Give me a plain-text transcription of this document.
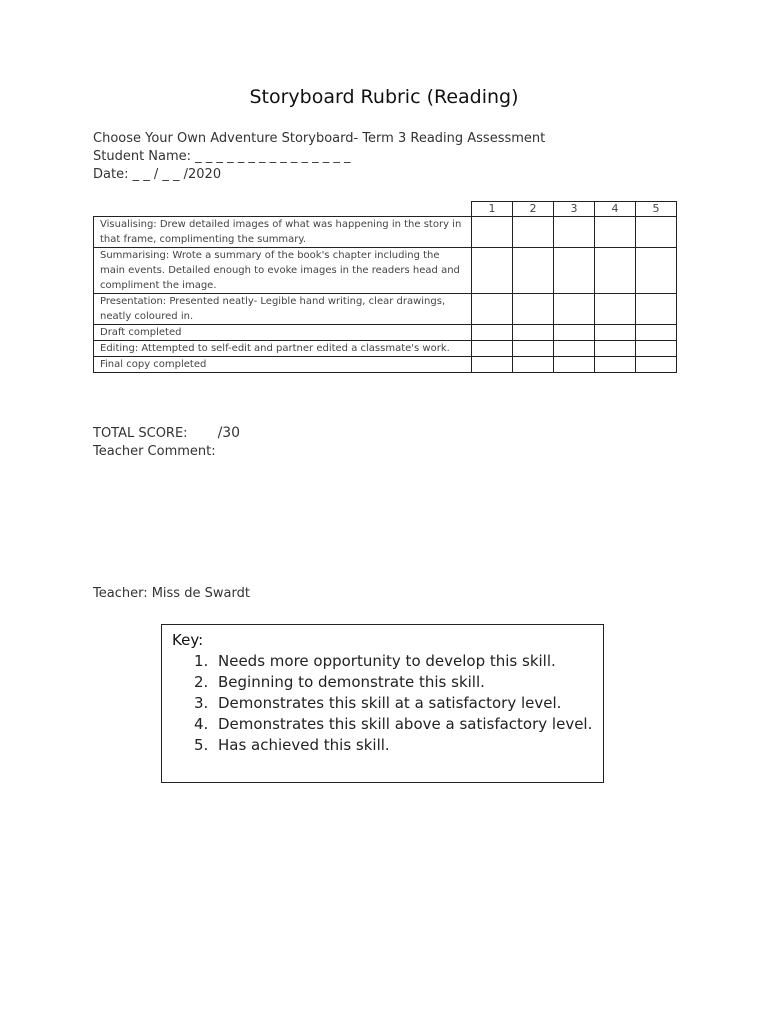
Storyboard Rubric (Reading)
Choose Your Own Adventure Storyboard- Term 3 Reading Assessment
Student Name: _ _ _ _ _ _ _ _ _ _ _ _ _ _ _
Date: _ _ / _ _ /2020
	1	2	3	4	5
Visualising: Drew detailed images of what was happening in the story in that frame, complimenting the summary.					
Summarising: Wrote a summary of the book's chapter including the main events. Detailed enough to evoke images in the readers head and compliment the image.					
Presentation: Presented neatly- Legible hand writing, clear drawings, neatly coloured in.					
Draft completed					
Editing: Attempted to self-edit and partner edited a classmate's work.					
Final copy completed					
TOTAL SCORE: /30
Teacher Comment:
Teacher: Miss de Swardt
Key:
1. Needs more opportunity to develop this skill.
2. Beginning to demonstrate this skill.
3. Demonstrates this skill at a satisfactory level.
4. Demonstrates this skill above a satisfactory level.
5. Has achieved this skill.
